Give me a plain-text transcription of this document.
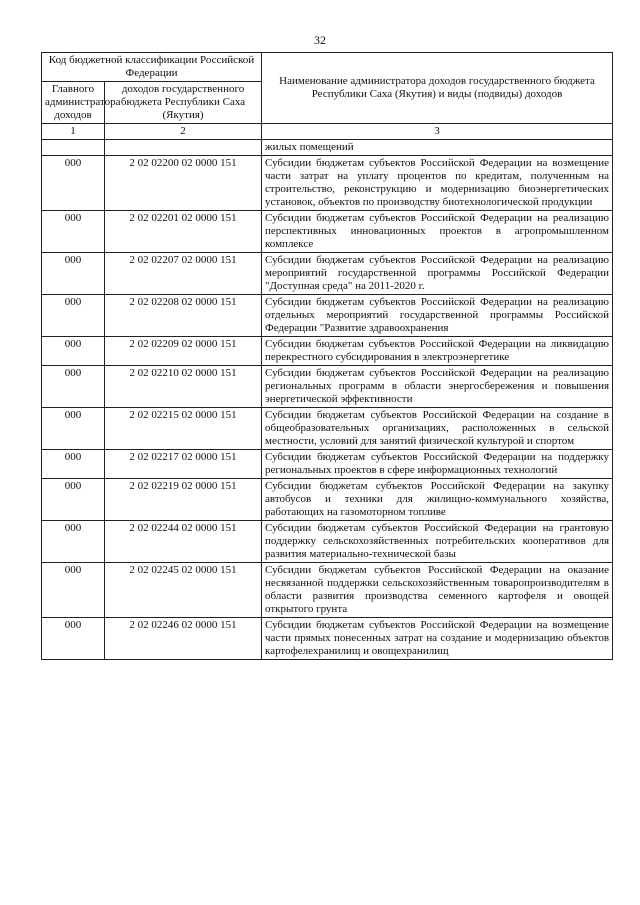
32
Код бюджетной классификации Российской Федерации		Наименование администратора доходов государственного бюджета Республики Саха (Якутия) и виды (подвиды) доходов
Главного администратора доходов	доходов государственного бюджета Республики Саха (Якутия)	
1	2	3
		жилых помещений
000	2 02 02200 02 0000 151	Субсидии бюджетам субъектов Российской Федерации на возмещение части затрат на уплату процентов по кредитам, полученным на строительство, реконструкцию и модернизацию биоэнергетических установок, объектов по производству биотехнологической продукции
000	2 02 02201 02 0000 151	Субсидии бюджетам субъектов Российской Федерации на реализацию перспективных инновационных проектов в агропромышленном комплексе
000	2 02 02207 02 0000 151	Субсидии бюджетам субъектов Российской Федерации на реализацию мероприятий государственной программы Российской Федерации "Доступная среда" на 2011-2020 г.
000	2 02 02208 02 0000 151	Субсидии бюджетам субъектов Российской Федерации на реализацию отдельных мероприятий государственной программы Российской Федерации "Развитие здравоохранения
000	2 02 02209 02 0000 151	Субсидии бюджетам субъектов Российской Федерации на ликвидацию перекрестного субсидирования в электроэнергетике
000	2 02 02210 02 0000 151	Субсидии бюджетам субъектов Российской Федерации на реализацию региональных программ в области энергосбережения и повышения энергетической эффективности
000	2 02 02215 02 0000 151	Субсидии бюджетам субъектов Российской Федерации на создание в общеобразовательных организациях, расположенных в сельской местности, условий для занятий физической культурой и спортом
000	2 02 02217 02 0000 151	Субсидии бюджетам субъектов Российской Федерации на поддержку региональных проектов в сфере информационных технологий
000	2 02 02219 02 0000 151	Субсидии бюджетам субъектов Российской Федерации на закупку автобусов и техники для жилищно-коммунального хозяйства, работающих на газомоторном топливе
000	2 02 02244 02 0000 151	Субсидии бюджетам субъектов Российской Федерации на грантовую поддержку сельскохозяйственных потребительских кооперативов для развития материально-технической базы
000	2 02 02245 02 0000 151	Субсидии бюджетам субъектов Российской Федерации на оказание несвязанной поддержки сельскохозяйственным товаропроизводителям в области развития производства семенного картофеля и овощей открытого грунта
000	2 02 02246 02 0000 151	Субсидии бюджетам субъектов Российской Федерации на возмещение части прямых понесенных затрат на создание и модернизацию объектов картофелехранилищ и овощехранилищ
